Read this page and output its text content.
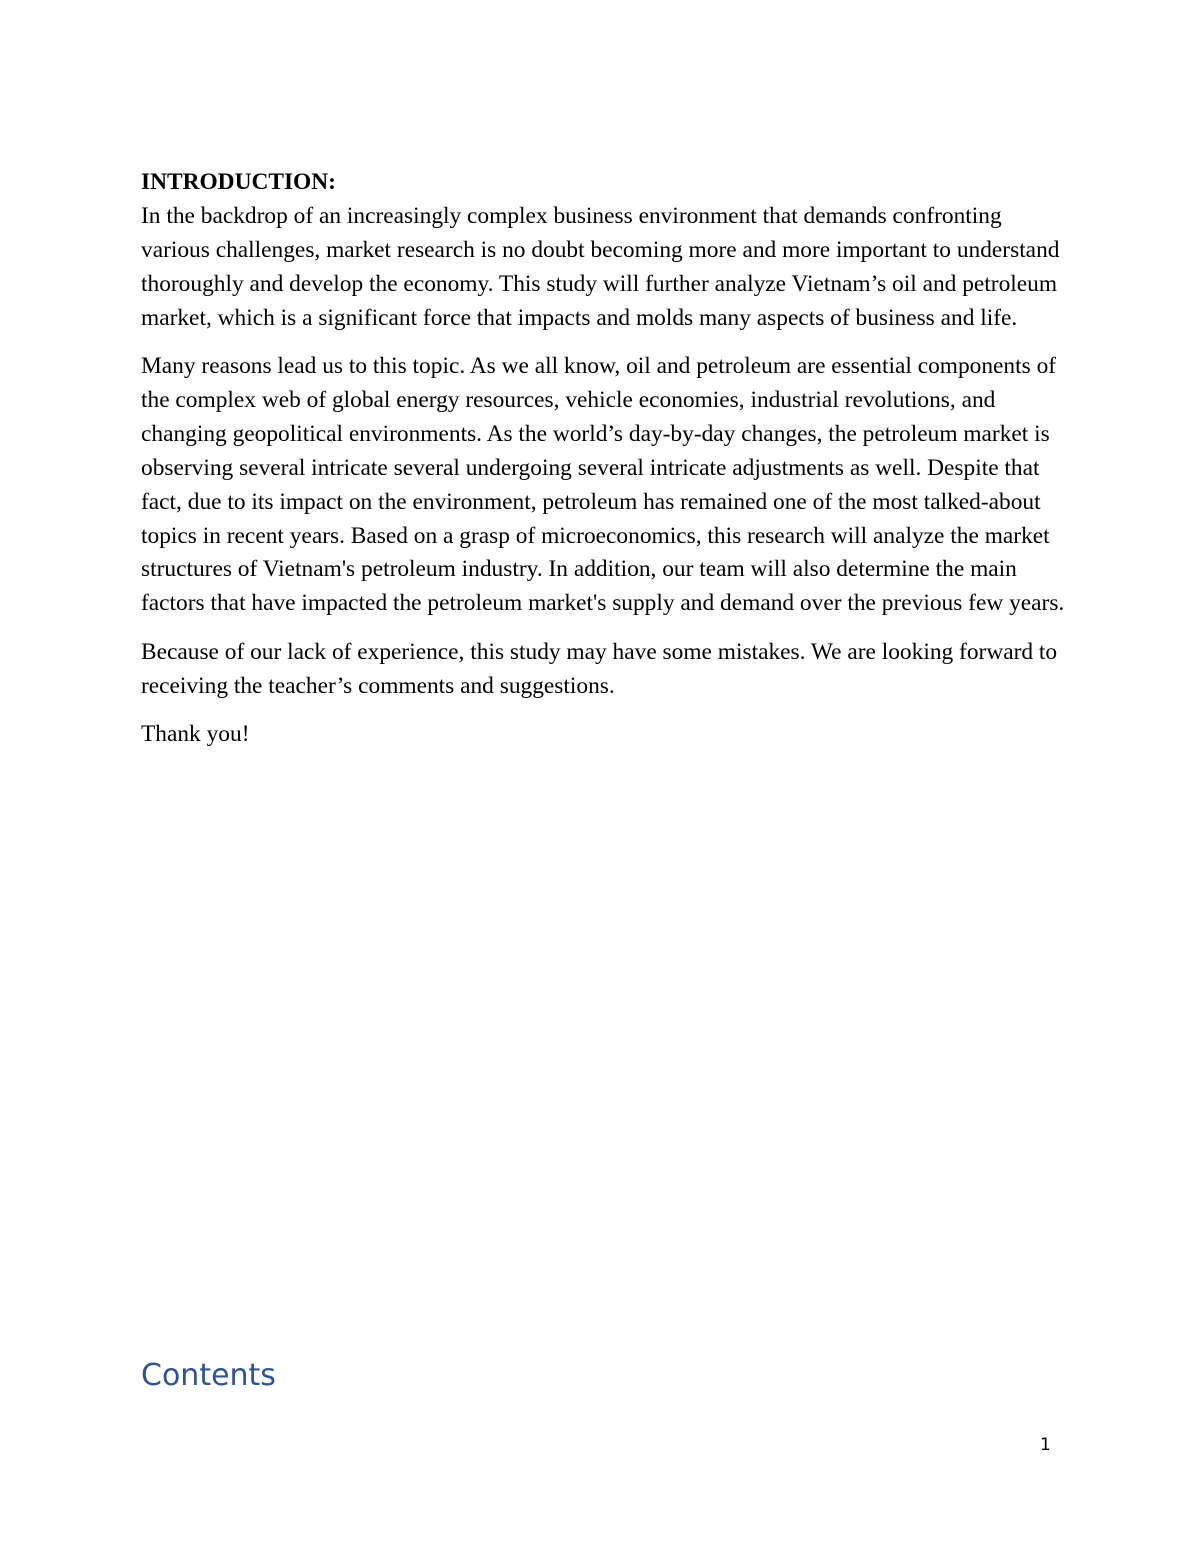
INTRODUCTION:

In the backdrop of an increasingly complex business environment that demands confronting various challenges, market research is no doubt becoming more and more important to understand thoroughly and develop the economy. This study will further analyze Vietnam’s oil and petroleum market, which is a significant force that impacts and molds many aspects of business and life.

Many reasons lead us to this topic. As we all know, oil and petroleum are essential components of the complex web of global energy resources, vehicle economies, industrial revolutions, and changing geopolitical environments. As the world’s day-by-day changes, the petroleum market is observing several intricate several undergoing several intricate adjustments as well. Despite that fact, due to its impact on the environment, petroleum has remained one of the most talked-about topics in recent years. Based on a grasp of microeconomics, this research will analyze the market structures of Vietnam's petroleum industry. In addition, our team will also determine the main factors that have impacted the petroleum market's supply and demand over the previous few years.

Because of our lack of experience, this study may have some mistakes. We are looking forward to receiving the teacher’s comments and suggestions.

Thank you!

Contents
1
